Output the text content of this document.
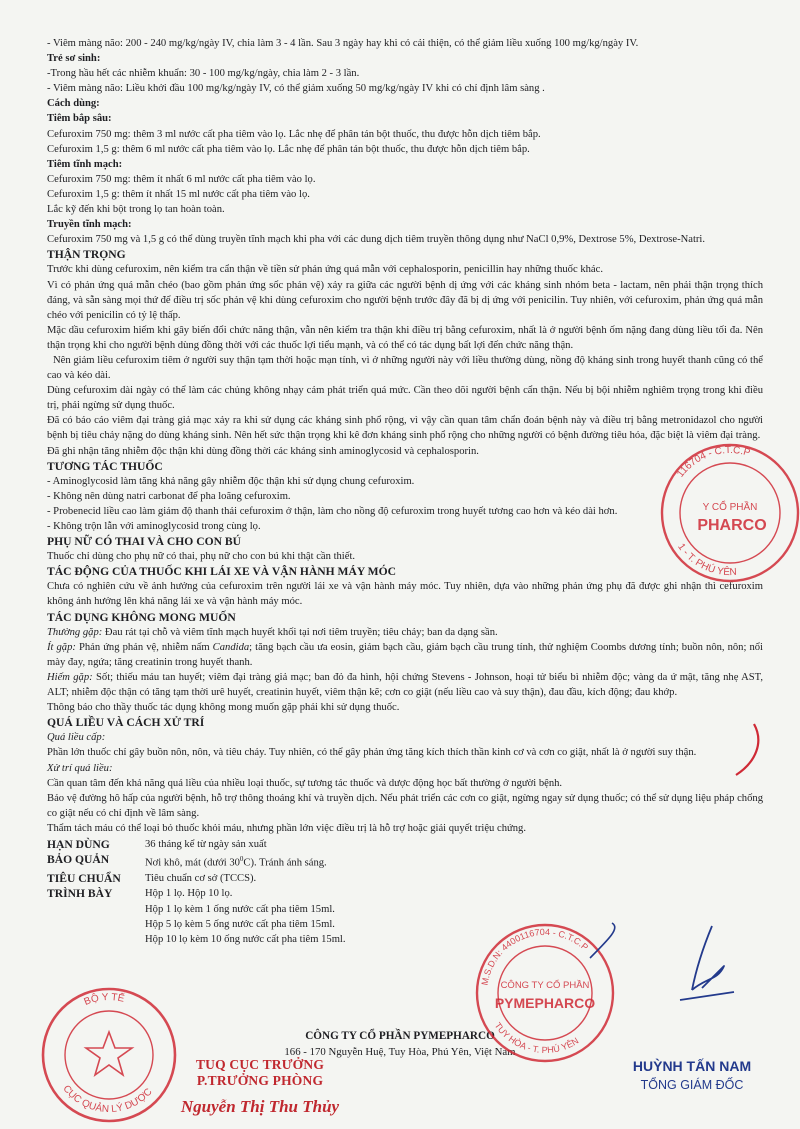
- Viêm màng não: 200 - 240 mg/kg/ngày IV, chia làm 3 - 4 lần. Sau 3 ngày hay khi có cải thiện, có thể giảm liều xuống 100 mg/kg/ngày IV.

Trẻ sơ sinh:

-Trong hầu hết các nhiễm khuẩn: 30 - 100 mg/kg/ngày, chia làm 2 - 3 lần.

- Viêm màng não: Liều khởi đầu 100 mg/kg/ngày IV, có thể giảm xuống 50 mg/kg/ngày IV khi có chỉ định lâm sàng .

Cách dùng:

Tiêm bắp sâu:

Cefuroxim 750 mg: thêm 3 ml nước cất pha tiêm vào lọ. Lắc nhẹ để phân tán bột thuốc, thu được hỗn dịch tiêm bắp.

Cefuroxim 1,5 g: thêm 6 ml nước cất pha tiêm vào lọ. Lắc nhẹ để phân tán bột thuốc, thu được hỗn dịch tiêm bắp.

Tiêm tĩnh mạch:

Cefuroxim 750 mg: thêm ít nhất 6 ml nước cất pha tiêm vào lọ.

Cefuroxim 1,5 g: thêm ít nhất 15 ml nước cất pha tiêm vào lọ.

Lắc kỹ đến khi bột trong lọ tan hoàn toàn.

Truyền tĩnh mạch:

Cefuroxim 750 mg và 1,5 g có thể dùng truyền tĩnh mạch khi pha với các dung dịch tiêm truyền thông dụng như NaCl 0,9%, Dextrose 5%, Dextrose-Natri.

THẬN TRỌNG

Trước khi dùng cefuroxim, nên kiểm tra cẩn thận về tiền sử phản ứng quá mẫn với cephalosporin, penicillin hay những thuốc khác.

Vì có phản ứng quá mẫn chéo (bao gồm phản ứng sốc phản vệ) xảy ra giữa các người bệnh dị ứng với các kháng sinh nhóm beta - lactam, nên phải thận trọng thích đáng, và sẵn sàng mọi thứ để điều trị sốc phản vệ khi dùng cefuroxim cho người bệnh trước đây đã bị dị ứng với penicilin. Tuy nhiên, với cefuroxim, phản ứng quá mẫn chéo với penicilin có tỷ lệ thấp.

Mặc dầu cefuroxim hiếm khi gây biến đổi chức năng thận, vẫn nên kiểm tra thận khi điều trị bằng cefuroxim, nhất là ở người bệnh ốm nặng đang dùng liều tối đa. Nên thận trọng khi cho người bệnh dùng đồng thời với các thuốc lợi tiểu mạnh, và có thể có tác dụng bất lợi đến chức năng thận.

Nên giảm liều cefuroxim tiêm ở người suy thận tạm thời hoặc mạn tính, vì ở những người này với liều thường dùng, nồng độ kháng sinh trong huyết thanh cũng có thể cao và kéo dài.

Dùng cefuroxim dài ngày có thể làm các chủng không nhạy cảm phát triển quá mức. Cần theo dõi người bệnh cẩn thận. Nếu bị bội nhiễm nghiêm trọng trong khi điều trị, phải ngừng sử dụng thuốc.

Đã có báo cáo viêm đại tràng giả mạc xảy ra khi sử dụng các kháng sinh phổ rộng, vì vậy cần quan tâm chẩn đoán bệnh này và điều trị bằng metronidazol cho người bệnh bị tiêu chảy nặng do dùng kháng sinh. Nên hết sức thận trọng khi kê đơn kháng sinh phổ rộng cho những người có bệnh đường tiêu hóa, đặc biệt là viêm đại tràng.

Đã ghi nhận tăng nhiễm độc thận khi dùng đồng thời các kháng sinh aminoglycosid và cephalosporin.

TƯƠNG TÁC THUỐC

- Aminoglycosid làm tăng khả năng gây nhiễm độc thận khi sử dụng chung cefuroxim.

- Không nên dùng natri carbonat để pha loãng cefuroxim.

- Probenecid liều cao làm giảm độ thanh thải cefuroxim ở thận, làm cho nồng độ cefuroxim trong huyết tương cao hơn và kéo dài hơn.

- Không trộn lẫn với aminoglycosid trong cùng lọ.

PHỤ NỮ CÓ THAI VÀ CHO CON BÚ

Thuốc chỉ dùng cho phụ nữ có thai, phụ nữ cho con bú khi thật cần thiết.

TÁC ĐỘNG CỦA THUỐC KHI LÁI XE VÀ VẬN HÀNH MÁY MÓC

Chưa có nghiên cứu về ảnh hưởng của cefuroxim trên người lái xe và vận hành máy móc. Tuy nhiên, dựa vào những phản ứng phụ đã được ghi nhận thì cefuroxim không ảnh hưởng lên khả năng lái xe và vận hành máy móc.

TÁC DỤNG KHÔNG MONG MUỐN

Thường gặp: Đau rát tại chỗ và viêm tĩnh mạch huyết khối tại nơi tiêm truyền; tiêu chảy; ban da dạng sần.

Ít gặp: Phản ứng phản vệ, nhiễm nấm Candida; tăng bạch cầu ưa eosin, giảm bạch cầu, giảm bạch cầu trung tính, thử nghiệm Coombs dương tính; buồn nôn, nôn; nổi mày đay, ngứa; tăng creatinin trong huyết thanh.

Hiếm gặp: Sốt; thiếu máu tan huyết; viêm đại tràng giả mạc; ban đỏ đa hình, hội chứng Stevens - Johnson, hoại tử biểu bì nhiễm độc; vàng da ứ mật, tăng nhẹ AST, ALT; nhiễm độc thận có tăng tạm thời urê huyết, creatinin huyết, viêm thận kẽ; cơn co giật (nếu liều cao và suy thận), đau đầu, kích động; đau khớp.

Thông báo cho thầy thuốc tác dụng không mong muốn gặp phải khi sử dụng thuốc.

QUÁ LIỀU VÀ CÁCH XỬ TRÍ

Quá liều cấp:

Phần lớn thuốc chỉ gây buồn nôn, nôn, và tiêu chảy. Tuy nhiên, có thể gây phản ứng tăng kích thích thần kinh cơ và cơn co giật, nhất là ở người suy thận.

Xử trí quá liều:

Cần quan tâm đến khả năng quá liều của nhiều loại thuốc, sự tương tác thuốc và dược động học bất thường ở người bệnh.

Bảo vệ đường hô hấp của người bệnh, hỗ trợ thông thoáng khí và truyền dịch. Nếu phát triển các cơn co giật, ngừng ngay sử dụng thuốc; có thể sử dụng liệu pháp chống co giật nếu có chỉ định về lâm sàng.

Thẩm tách máu có thể loại bỏ thuốc khỏi máu, nhưng phần lớn việc điều trị là hỗ trợ hoặc giải quyết triệu chứng.

HẠN DÙNG	36 tháng kể từ ngày sản xuất
BẢO QUẢN	Nơi khô, mát (dưới $30^0C$). Tránh ánh sáng.
TIÊU CHUẨN	Tiêu chuẩn cơ sở (TCCS).
TRÌNH BÀY	Hộp 1 lọ. Hộp 10 lọ.
Hộp 1 lọ kèm 1 ống nước cất pha tiêm 15ml.
Hộp 5 lọ kèm 5 ống nước cất pha tiêm 15ml.
Hộp 10 lọ kèm 10 ống nước cất pha tiêm 15ml.
CÔNG TY CỔ PHẦN PYMEPHARCO
166 - 170 Nguyễn Huệ, Tuy Hòa, Phú Yên, Việt Nam
TUQ CỤC TRƯỞNG
P.TRƯỞNG PHÒNG
Nguyễn Thị Thu Thủy
HUỲNH TẤN NAM
TỔNG GIÁM ĐỐC
116704 - C.T.C.P
1 - T. PHÚ YÊN
Y CỔ PHẦN
PHARCO
M.S.D.N: 4400116704 - C.T.C.P
TUY HÒA - T. PHÚ YÊN
CÔNG TY CỔ PHẦN
PYMEPHARCO
BỘ Y TẾ
CỤC QUẢN LÝ DƯỢC
